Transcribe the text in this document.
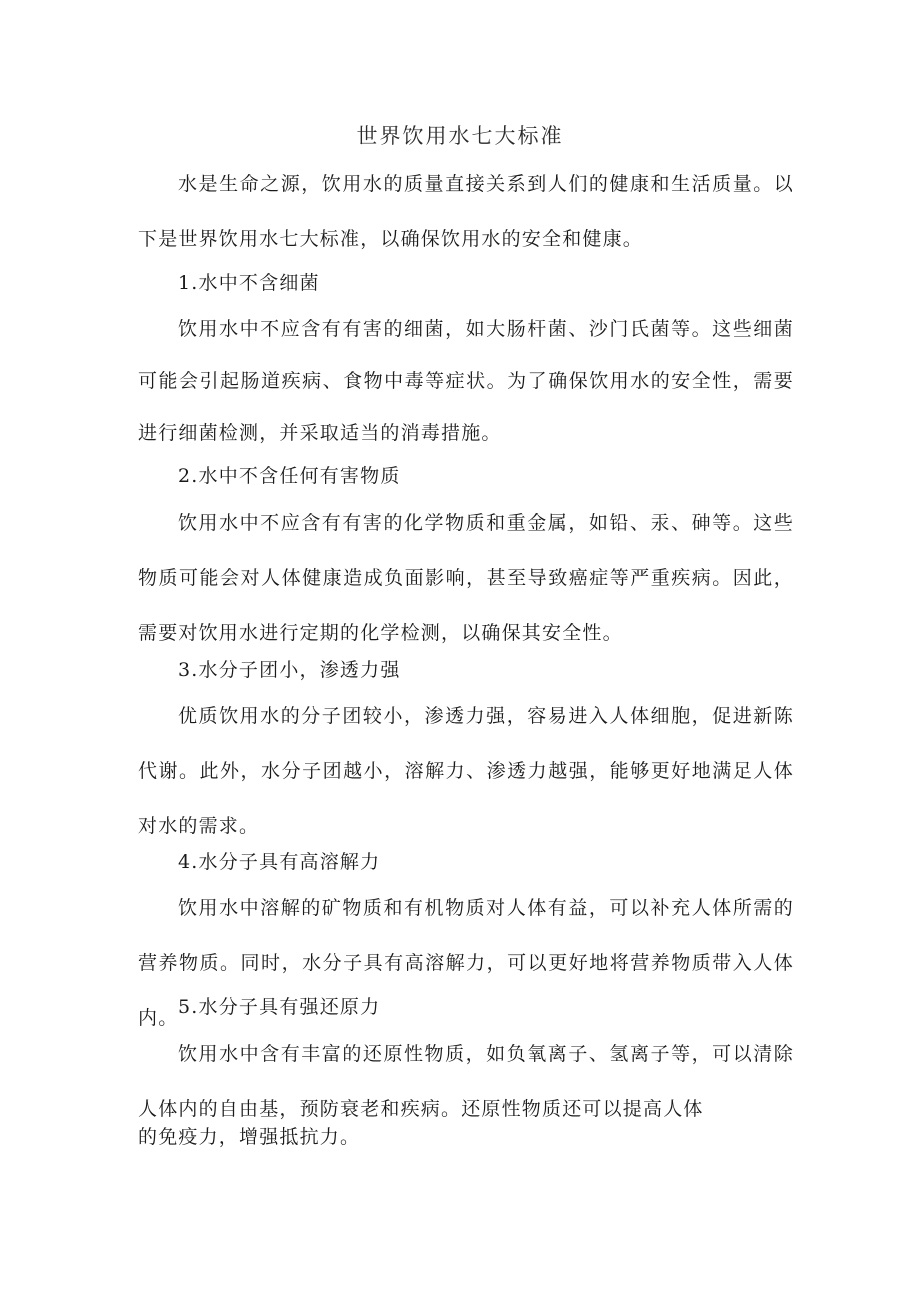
世界饮用水七大标准
水是生命之源，饮用水的质量直接关系到人们的健康和生活质量。以下是世界饮用水七大标准，以确保饮用水的安全和健康。
1.水中不含细菌
饮用水中不应含有有害的细菌，如大肠杆菌、沙门氏菌等。这些细菌可能会引起肠道疾病、食物中毒等症状。为了确保饮用水的安全性，需要进行细菌检测，并采取适当的消毒措施。
2.水中不含任何有害物质
饮用水中不应含有有害的化学物质和重金属，如铅、汞、砷等。这些物质可能会对人体健康造成负面影响，甚至导致癌症等严重疾病。因此，需要对饮用水进行定期的化学检测，以确保其安全性。
3.水分子团小，渗透力强
优质饮用水的分子团较小，渗透力强，容易进入人体细胞，促进新陈代谢。此外，水分子团越小，溶解力、渗透力越强，能够更好地满足人体对水的需求。
4.水分子具有高溶解力
饮用水中溶解的矿物质和有机物质对人体有益，可以补充人体所需的营养物质。同时，水分子具有高溶解力，可以更好地将营养物质带入人体内。 5.水分子具有强还原力
饮用水中含有丰富的还原性物质，如负氧离子、氢离子等，可以清除人体内的自由基，预防衰老和疾病。还原性物质还可以提高人体
的免疫力，增强抵抗力。
